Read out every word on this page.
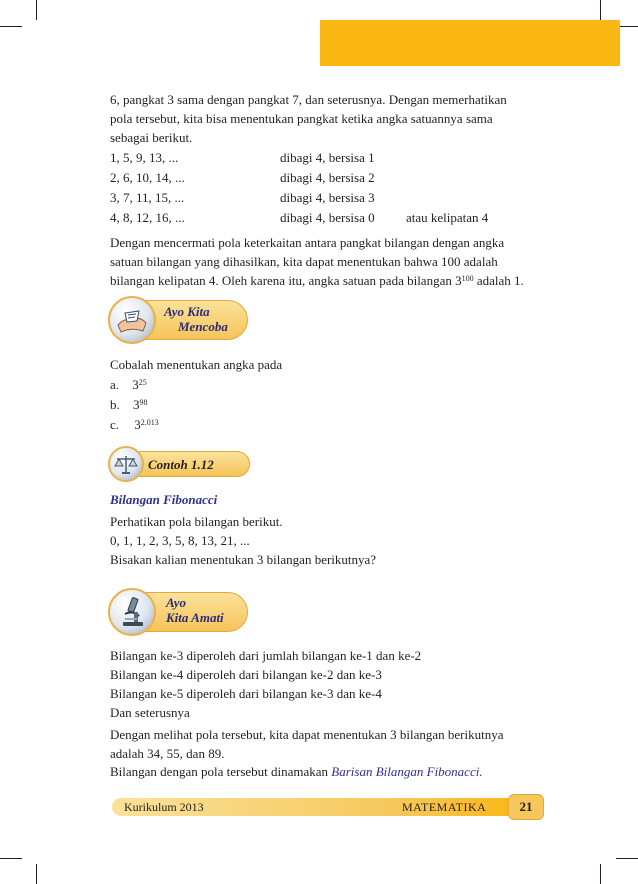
6, pangkat 3 sama dengan pangkat 7, dan seterusnya. Dengan memerhatikan
pola tersebut, kita bisa menentukan pangkat ketika angka satuannya sama
sebagai berikut.
1, 5, 9, 13, ...	dibagi 4, bersisa 1
2, 6, 10, 14, ...	dibagi 4, bersisa 2
3, 7, 11, 15, ...	dibagi 4, bersisa 3
4, 8, 12, 16, ...	dibagi 4, bersisa 0 atau kelipatan 4
Dengan mencermati pola keterkaitan antara pangkat bilangan dengan angka
satuan bilangan yang dihasilkan, kita dapat menentukan bahwa 100 adalah
bilangan kelipatan 4. Oleh karena itu, angka satuan pada bilangan $3^{100}$ adalah 1.
Ayo Kita
Mencoba
Cobalah menentukan angka pada
a. $3^{25}$
b. $3^{98}$
c. $3^{2.013}$
Contoh 1.12
Bilangan Fibonacci
Perhatikan pola bilangan berikut.
0, 1, 1, 2, 3, 5, 8, 13, 21, ...
Bisakan kalian menentukan 3 bilangan berikutnya?
Ayo
Kita Amati
Bilangan ke-3 diperoleh dari jumlah bilangan ke-1 dan ke-2
Bilangan ke-4 diperoleh dari bilangan ke-2 dan ke-3
Bilangan ke-5 diperoleh dari bilangan ke-3 dan ke-4
Dan seterusnya
Dengan melihat pola tersebut, kita dapat menentukan 3 bilangan berikutnya
adalah 34, 55, dan 89.
Bilangan dengan pola tersebut dinamakan Barisan Bilangan Fibonacci.
Kurikulum 2013	MATEMATIKA	21
